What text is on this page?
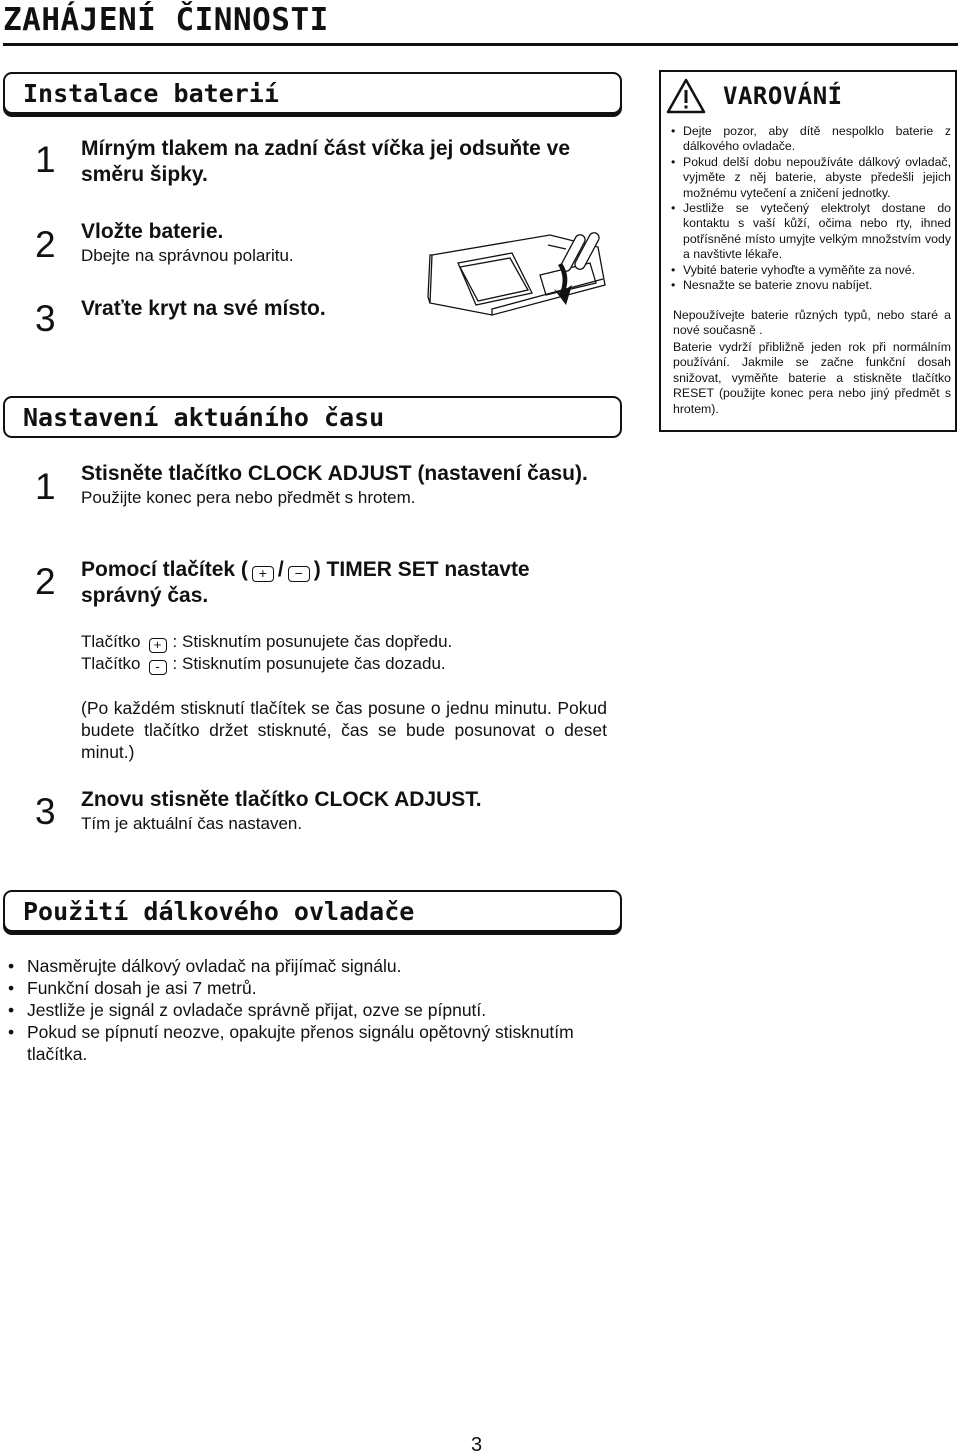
ZAHÁJENÍ ČINNOSTI
Instalace baterií
1 Mírným tlakem na zadní část víčka jej odsuňte ve směru šipky.
2 Vložte baterie.
Dbejte na správnou polaritu.
3 Vraťte kryt na své místo.
VAROVÁNÍ
• Dejte pozor, aby dítě nespolklo baterie z dálkového ovladače.
• Pokud delší dobu nepoužíváte dálkový ovladač, vyjměte z něj baterie, abyste předešli jejich možnému vytečení a zničení jednotky.
• Jestliže se vytečený elektrolyt dostane do kontaktu s vaší kůží, očima nebo rty, ihned potřísněné místo umyjte velkým množstvím vody a navštivte lékaře.
• Vybité baterie vyhoďte a vyměňte za nové.
• Nesnažte se baterie znovu nabíjet.
Nepoužívejte baterie různých typů, nebo staré a nové současně .
Baterie vydrží přibližně jeden rok při normálním používání. Jakmile se začne funkční dosah snižovat, vyměňte baterie a stiskněte tlačítko RESET (použijte konec pera nebo jiný předmět s hrotem).
Nastavení aktuáního času
1 Stisněte tlačítko CLOCK ADJUST (nastavení času).
Použijte konec pera nebo předmět s hrotem.
2 Pomocí tlačítek ( + / − ) TIMER SET nastavte správný čas.
Tlačítko + : Stisknutím posunujete čas dopředu.
Tlačítko - : Stisknutím posunujete čas dozadu.
(Po každém stisknutí tlačítek se čas posune o jednu minutu. Pokud budete tlačítko držet stisknuté, čas se bude posunovat o deset minut.)
3 Znovu stisněte tlačítko CLOCK ADJUST.
Tím je aktuální čas nastaven.
Použití dálkového ovladače
• Nasměrujte dálkový ovladač na přijímač signálu.
• Funkční dosah je asi 7 metrů.
• Jestliže je signál z ovladače správně přijat, ozve se pípnutí.
• Pokud se pípnutí neozve, opakujte přenos signálu opětovný stisknutím tlačítka.
3
